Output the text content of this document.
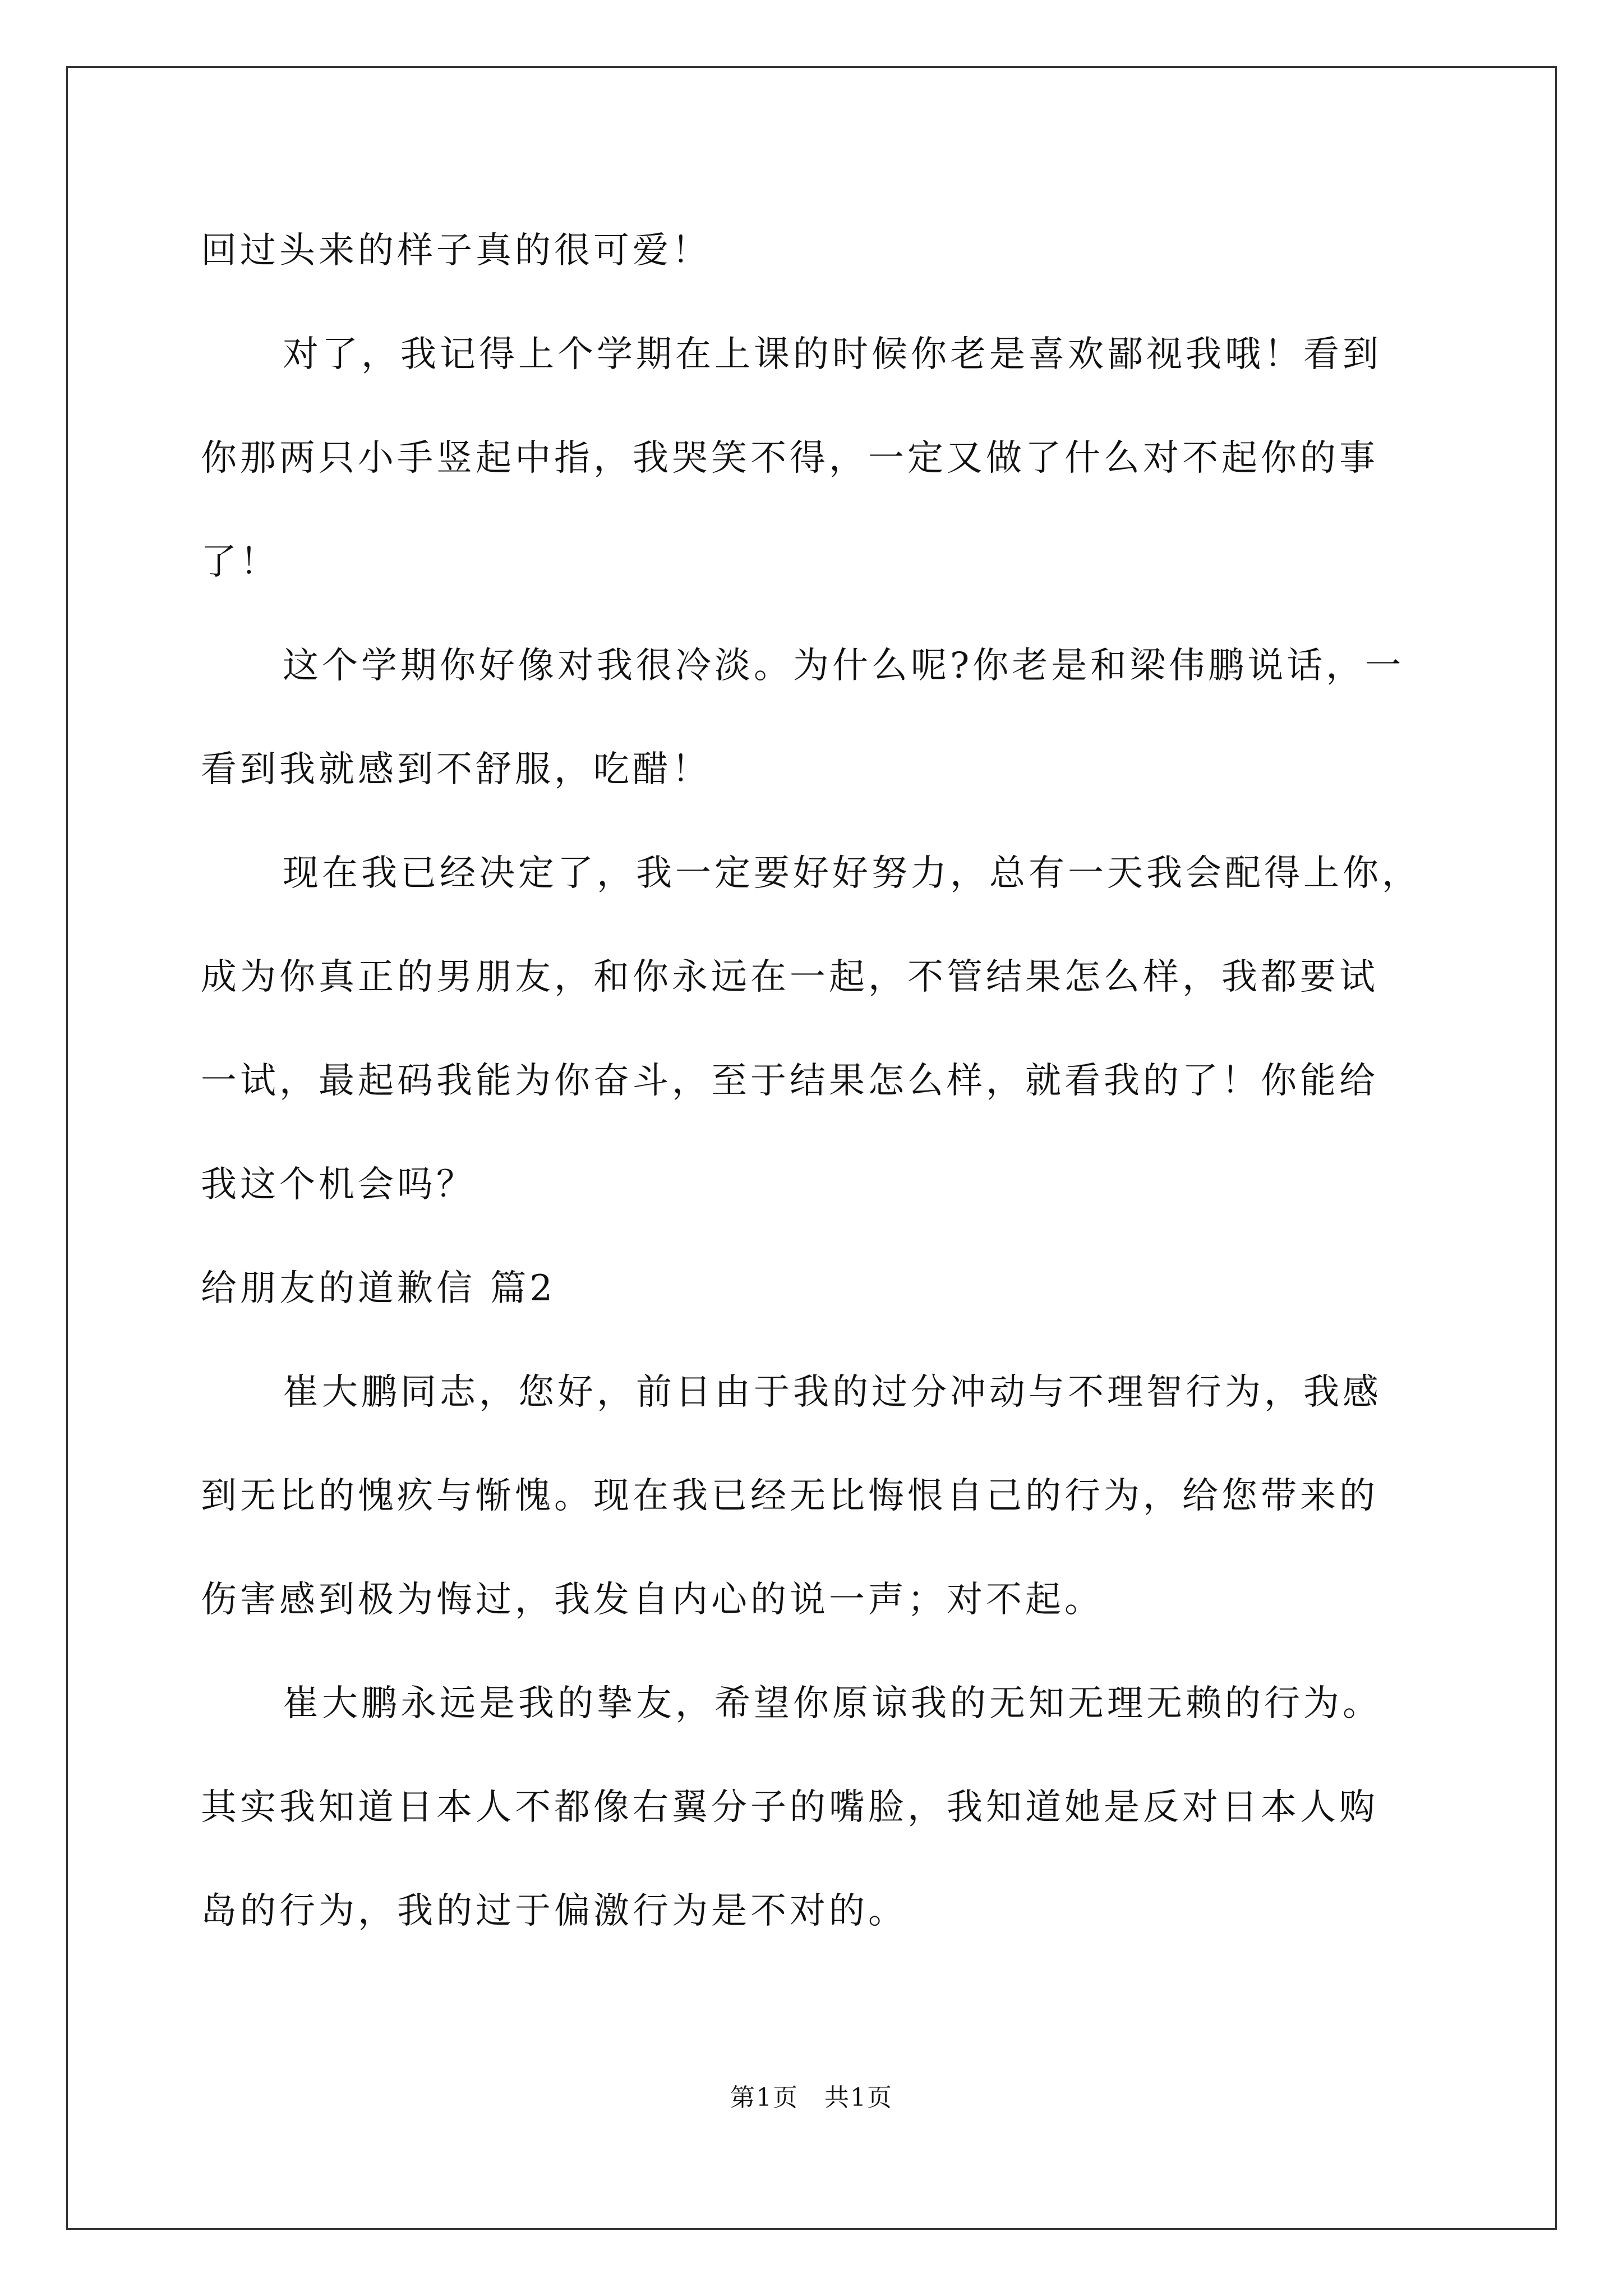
回过头来的样子真的很可爱！
对了，我记得上个学期在上课的时候你老是喜欢鄙视我哦！看到
你那两只小手竖起中指，我哭笑不得，一定又做了什么对不起你的事
了！
这个学期你好像对我很冷淡。为什么呢?你老是和梁伟鹏说话，一
看到我就感到不舒服，吃醋！
现在我已经决定了，我一定要好好努力，总有一天我会配得上你，
成为你真正的男朋友，和你永远在一起，不管结果怎么样，我都要试
一试，最起码我能为你奋斗，至于结果怎么样，就看我的了！你能给
我这个机会吗？
给朋友的道歉信 篇2
崔大鹏同志，您好，前日由于我的过分冲动与不理智行为，我感
到无比的愧疚与惭愧。现在我已经无比悔恨自己的行为，给您带来的
伤害感到极为悔过，我发自内心的说一声；对不起。
崔大鹏永远是我的挚友，希望你原谅我的无知无理无赖的行为。
其实我知道日本人不都像右翼分子的嘴脸，我知道她是反对日本人购
岛的行为，我的过于偏激行为是不对的。
第1页　共1页
